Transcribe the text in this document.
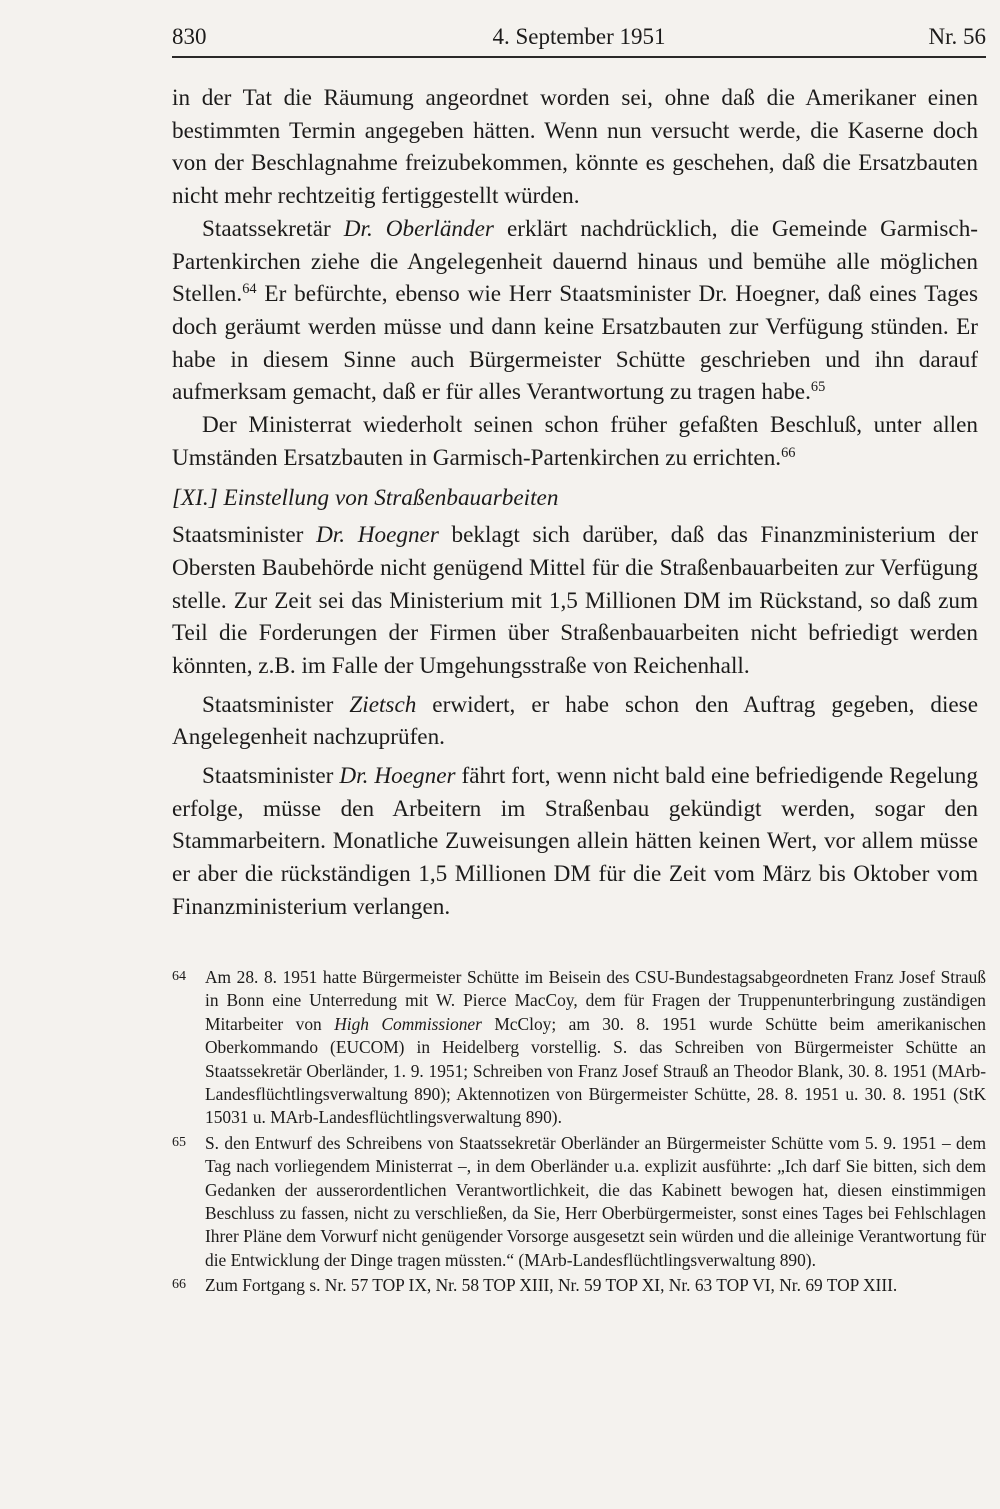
830	4. September 1951	Nr. 56

in der Tat die Räumung angeordnet worden sei, ohne daß die Amerikaner einen bestimmten Termin angegeben hätten. Wenn nun versucht werde, die Kaserne doch von der Beschlagnahme freizubekommen, könnte es geschehen, daß die Ersatzbauten nicht mehr rechtzeitig fertiggestellt würden.

Staatssekretär Dr. Oberländer erklärt nachdrücklich, die Gemeinde Garmisch-Partenkirchen ziehe die Angelegenheit dauernd hinaus und bemühe alle möglichen Stellen.$^{64}$ Er befürchte, ebenso wie Herr Staatsminister Dr. Hoegner, daß eines Tages doch geräumt werden müsse und dann keine Ersatzbauten zur Verfügung stünden. Er habe in diesem Sinne auch Bürgermeister Schütte geschrieben und ihn darauf aufmerksam gemacht, daß er für alles Verantwortung zu tragen habe.$^{65}$

Der Ministerrat wiederholt seinen schon früher gefaßten Beschluß, unter allen Umständen Ersatzbauten in Garmisch-Partenkirchen zu errichten.$^{66}$

[XI.] Einstellung von Straßenbauarbeiten

Staatsminister Dr. Hoegner beklagt sich darüber, daß das Finanzministerium der Obersten Baubehörde nicht genügend Mittel für die Straßenbauarbeiten zur Verfügung stelle. Zur Zeit sei das Ministerium mit 1,5 Millionen DM im Rückstand, so daß zum Teil die Forderungen der Firmen über Straßenbauarbeiten nicht befriedigt werden könnten, z.B. im Falle der Umgehungsstraße von Reichenhall.

Staatsminister Zietsch erwidert, er habe schon den Auftrag gegeben, diese Angelegenheit nachzuprüfen.

Staatsminister Dr. Hoegner fährt fort, wenn nicht bald eine befriedigende Regelung erfolge, müsse den Arbeitern im Straßenbau gekündigt werden, sogar den Stammarbeitern. Monatliche Zuweisungen allein hätten keinen Wert, vor allem müsse er aber die rückständigen 1,5 Millionen DM für die Zeit vom März bis Oktober vom Finanzministerium verlangen.

64 Am 28. 8. 1951 hatte Bürgermeister Schütte im Beisein des CSU-Bundestagsabgeordneten Franz Josef Strauß in Bonn eine Unterredung mit W. Pierce MacCoy, dem für Fragen der Truppenunterbringung zuständigen Mitarbeiter von High Commissioner McCloy; am 30. 8. 1951 wurde Schütte beim amerikanischen Oberkommando (EUCOM) in Heidelberg vorstellig. S. das Schreiben von Bürgermeister Schütte an Staatssekretär Oberländer, 1. 9. 1951; Schreiben von Franz Josef Strauß an Theodor Blank, 30. 8. 1951 (MArb-Landesflüchtlingsverwaltung 890); Aktennotizen von Bürgermeister Schütte, 28. 8. 1951 u. 30. 8. 1951 (StK 15031 u. MArb-Landesflüchtlingsverwaltung 890).
65 S. den Entwurf des Schreibens von Staatssekretär Oberländer an Bürgermeister Schütte vom 5. 9. 1951 – dem Tag nach vorliegendem Ministerrat –, in dem Oberländer u.a. explizit ausführte: „Ich darf Sie bitten, sich dem Gedanken der ausserordentlichen Verantwortlichkeit, die das Kabinett bewogen hat, diesen einstimmigen Beschluss zu fassen, nicht zu verschließen, da Sie, Herr Oberbürgermeister, sonst eines Tages bei Fehlschlagen Ihrer Pläne dem Vorwurf nicht genügender Vorsorge ausgesetzt sein würden und die alleinige Verantwortung für die Entwicklung der Dinge tragen müssten.“ (MArb-Landesflüchtlingsverwaltung 890).
66 Zum Fortgang s. Nr. 57 TOP IX, Nr. 58 TOP XIII, Nr. 59 TOP XI, Nr. 63 TOP VI, Nr. 69 TOP XIII.
